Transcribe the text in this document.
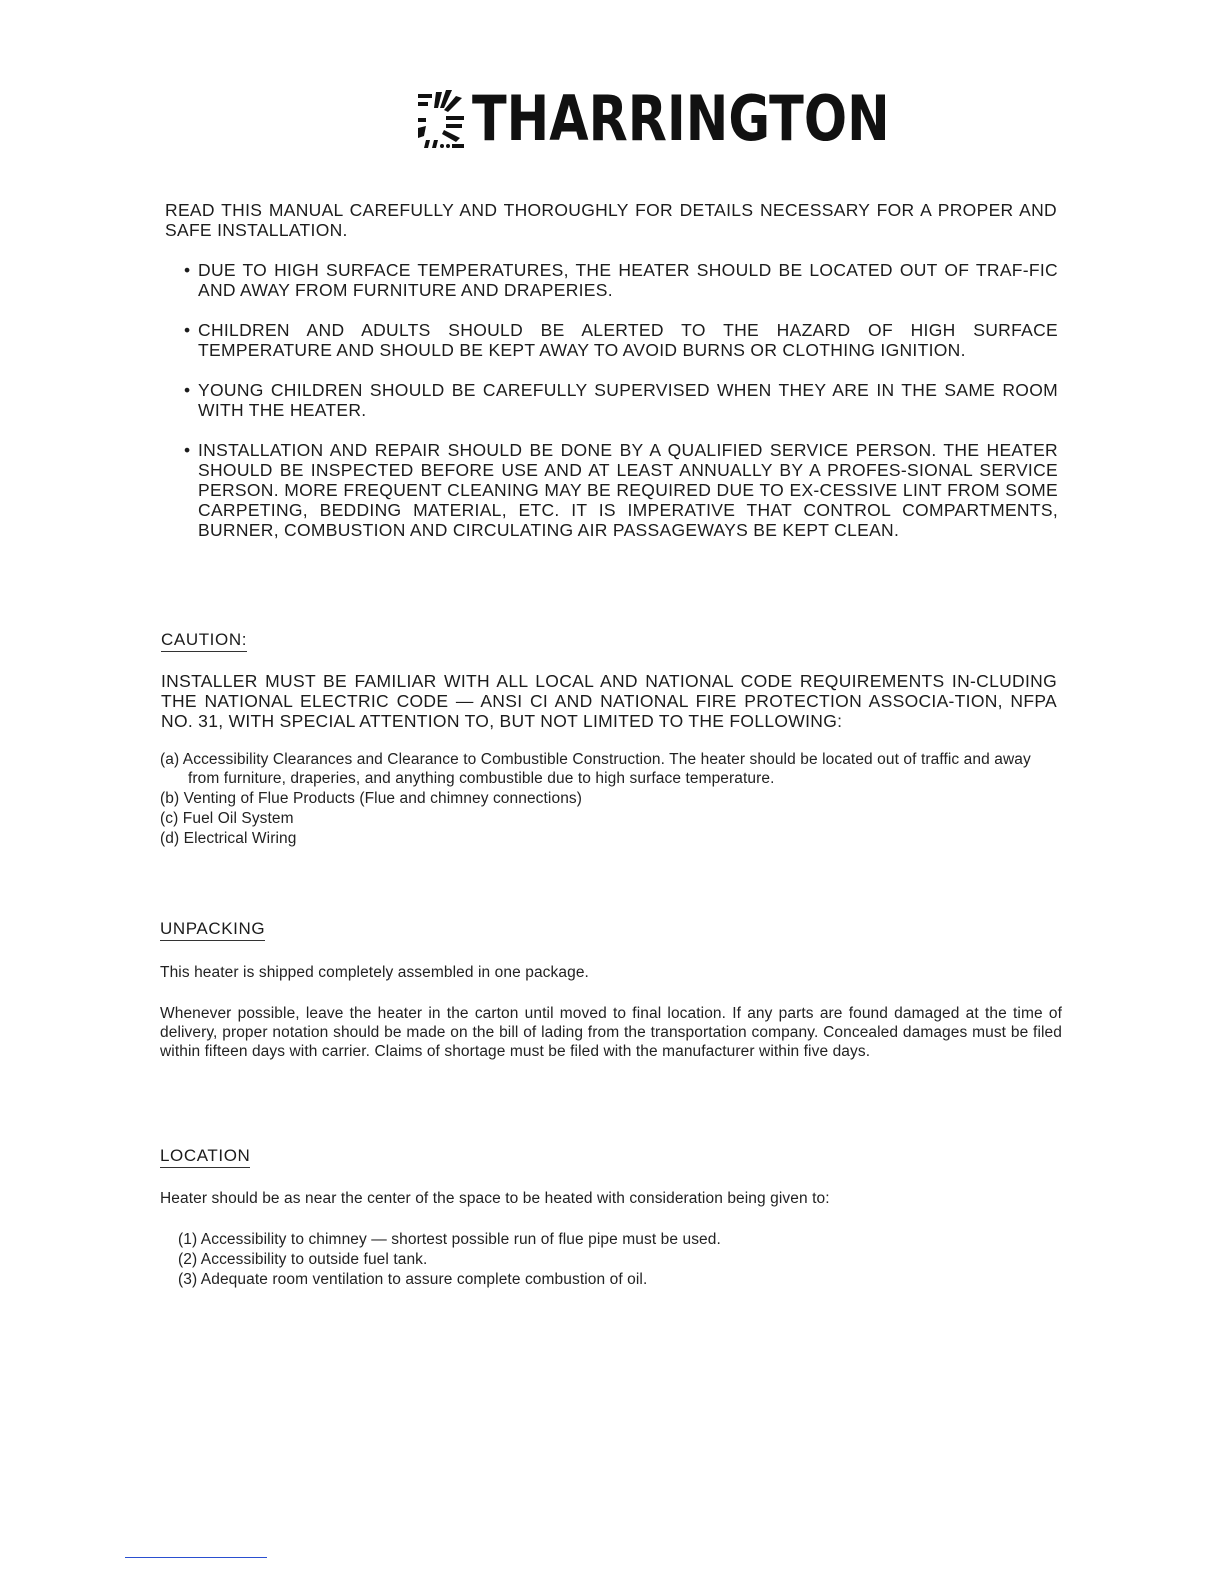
THARRINGTON
READ THIS MANUAL CAREFULLY AND THOROUGHLY FOR DETAILS NECESSARY FOR A PROPER AND SAFE INSTALLATION.
• DUE TO HIGH SURFACE TEMPERATURES, THE HEATER SHOULD BE LOCATED OUT OF TRAF-FIC AND AWAY FROM FURNITURE AND DRAPERIES.
• CHILDREN AND ADULTS SHOULD BE ALERTED TO THE HAZARD OF HIGH SURFACE TEMPERATURE AND SHOULD BE KEPT AWAY TO AVOID BURNS OR CLOTHING IGNITION.
• YOUNG CHILDREN SHOULD BE CAREFULLY SUPERVISED WHEN THEY ARE IN THE SAME ROOM WITH THE HEATER.
• INSTALLATION AND REPAIR SHOULD BE DONE BY A QUALIFIED SERVICE PERSON. THE HEATER SHOULD BE INSPECTED BEFORE USE AND AT LEAST ANNUALLY BY A PROFES-SIONAL SERVICE PERSON. MORE FREQUENT CLEANING MAY BE REQUIRED DUE TO EX-CESSIVE LINT FROM SOME CARPETING, BEDDING MATERIAL, ETC. IT IS IMPERATIVE THAT CONTROL COMPARTMENTS, BURNER, COMBUSTION AND CIRCULATING AIR PASSAGEWAYS BE KEPT CLEAN.
CAUTION:
INSTALLER MUST BE FAMILIAR WITH ALL LOCAL AND NATIONAL CODE REQUIREMENTS IN-CLUDING THE NATIONAL ELECTRIC CODE — ANSI CI AND NATIONAL FIRE PROTECTION ASSOCIA-TION, NFPA NO. 31, WITH SPECIAL ATTENTION TO, BUT NOT LIMITED TO THE FOLLOWING:

(a) Accessibility Clearances and Clearance to Combustible Construction. The heater should be located out of traffic and away from furniture, draperies, and anything combustible due to high surface temperature.

(b) Venting of Flue Products (Flue and chimney connections)

(c) Fuel Oil System

(d) Electrical Wiring

UNPACKING
This heater is shipped completely assembled in one package.
Whenever possible, leave the heater in the carton until moved to final location. If any parts are found damaged at the time of delivery, proper notation should be made on the bill of lading from the transportation company. Concealed damages must be filed within fifteen days with carrier. Claims of shortage must be filed with the manufacturer within five days.
LOCATION
Heater should be as near the center of the space to be heated with consideration being given to:

(1) Accessibility to chimney — shortest possible run of flue pipe must be used.

(2) Accessibility to outside fuel tank.

(3) Adequate room ventilation to assure complete combustion of oil.
